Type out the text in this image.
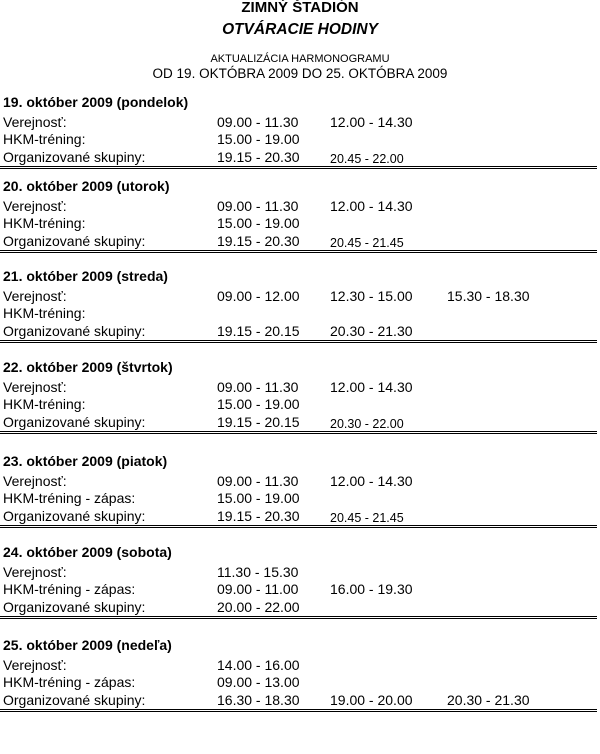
ZIMNÝ ŠTADIÓN
OTVÁRACIE HODINY
AKTUALIZÁCIA HARMONOGRAMU
OD 19. OKTÓBRA 2009 DO 25. OKTÓBRA 2009
19. október 2009 (pondelok)
Verejnosť:	09.00 - 11.30 12.00 - 14.30
HKM-tréning:	15.00 - 19.00
Organizované skupiny:	19.15 - 20.30 20.45 - 22.00
20. október 2009 (utorok)
Verejnosť:	09.00 - 11.30 12.00 - 14.30
HKM-tréning:	15.00 - 19.00
Organizované skupiny:	19.15 - 20.30 20.45 - 21.45
21. október 2009 (streda)
Verejnosť:	09.00 - 12.00 12.30 - 15.00 15.30 - 18.30
HKM-tréning:
Organizované skupiny:	19.15 - 20.15 20.30 - 21.30
22. október 2009 (štvrtok)
Verejnosť:	09.00 - 11.30 12.00 - 14.30
HKM-tréning:	15.00 - 19.00
Organizované skupiny:	19.15 - 20.15 20.30 - 22.00
23. október 2009 (piatok)
Verejnosť:	09.00 - 11.30 12.00 - 14.30
HKM-tréning - zápas:	15.00 - 19.00
Organizované skupiny:	19.15 - 20.30 20.45 - 21.45
24. október 2009 (sobota)
Verejnosť:	11.30 - 15.30
HKM-tréning - zápas:	09.00 - 11.00 16.00 - 19.30
Organizované skupiny:	20.00 - 22.00
25. október 2009 (nedeľa)
Verejnosť:	14.00 - 16.00
HKM-tréning - zápas:	09.00 - 13.00
Organizované skupiny:	16.30 - 18.30 19.00 - 20.00 20.30 - 21.30
